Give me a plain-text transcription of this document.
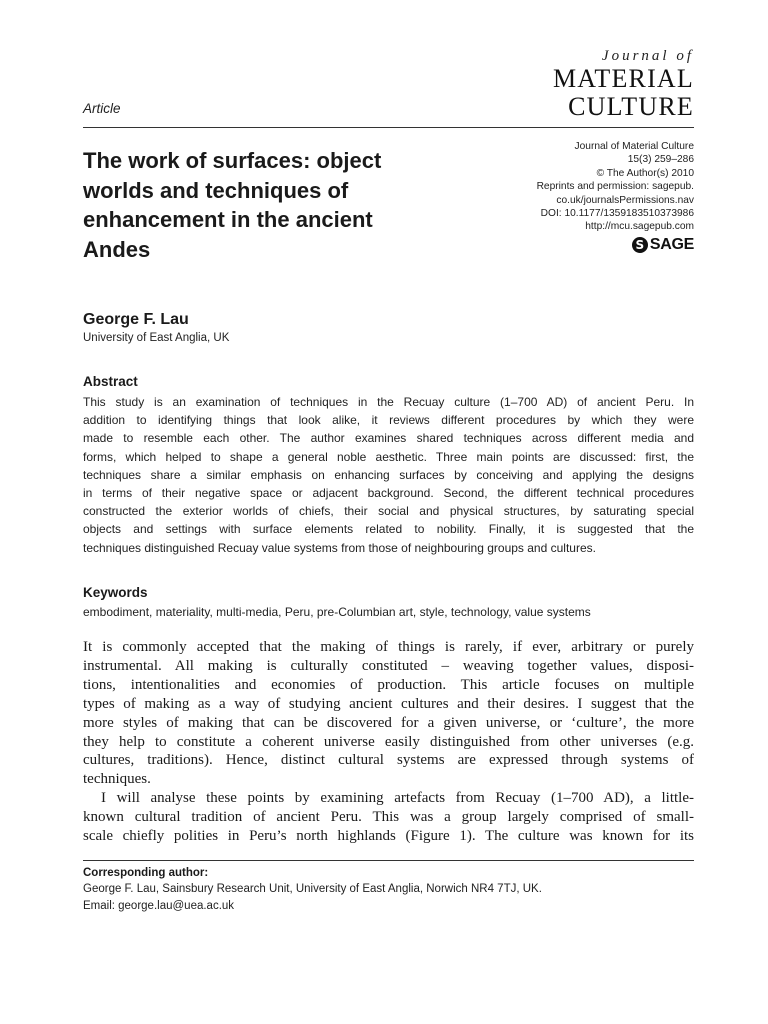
Journal of
MATERIAL
CULTURE
Article
The work of surfaces: object
worlds and techniques of
enhancement in the ancient
Andes
Journal of Material Culture
15(3) 259–286
© The Author(s) 2010
Reprints and permission: sagepub.
co.uk/journalsPermissions.nav
DOI: 10.1177/1359183510373986
http://mcu.sagepub.com
S SAGE
George F. Lau
University of East Anglia, UK
Abstract
This study is an examination of techniques in the Recuay culture (1–700 AD) of ancient Peru. In
addition to identifying things that look alike, it reviews different procedures by which they were
made to resemble each other. The author examines shared techniques across different media and
forms, which helped to shape a general noble aesthetic. Three main points are discussed: first, the
techniques share a similar emphasis on enhancing surfaces by conceiving and applying the designs
in terms of their negative space or adjacent background. Second, the different technical procedures
constructed the exterior worlds of chiefs, their social and physical structures, by saturating special
objects and settings with surface elements related to nobility. Finally, it is suggested that the
techniques distinguished Recuay value systems from those of neighbouring groups and cultures.
Keywords
embodiment, materiality, multi-media, Peru, pre-Columbian art, style, technology, value systems
It is commonly accepted that the making of things is rarely, if ever, arbitrary or purely
instrumental. All making is culturally constituted – weaving together values, disposi-
tions, intentionalities and economies of production. This article focuses on multiple
types of making as a way of studying ancient cultures and their desires. I suggest that the
more styles of making that can be discovered for a given universe, or ‘culture’, the more
they help to constitute a coherent universe easily distinguished from other universes (e.g.
cultures, traditions). Hence, distinct cultural systems are expressed through systems of
techniques.
I will analyse these points by examining artefacts from Recuay (1–700 AD), a little-
known cultural tradition of ancient Peru. This was a group largely comprised of small-
scale chiefly polities in Peru’s north highlands (Figure 1). The culture was known for its
Corresponding author:
George F. Lau, Sainsbury Research Unit, University of East Anglia, Norwich NR4 7TJ, UK.
Email: george.lau@uea.ac.uk
